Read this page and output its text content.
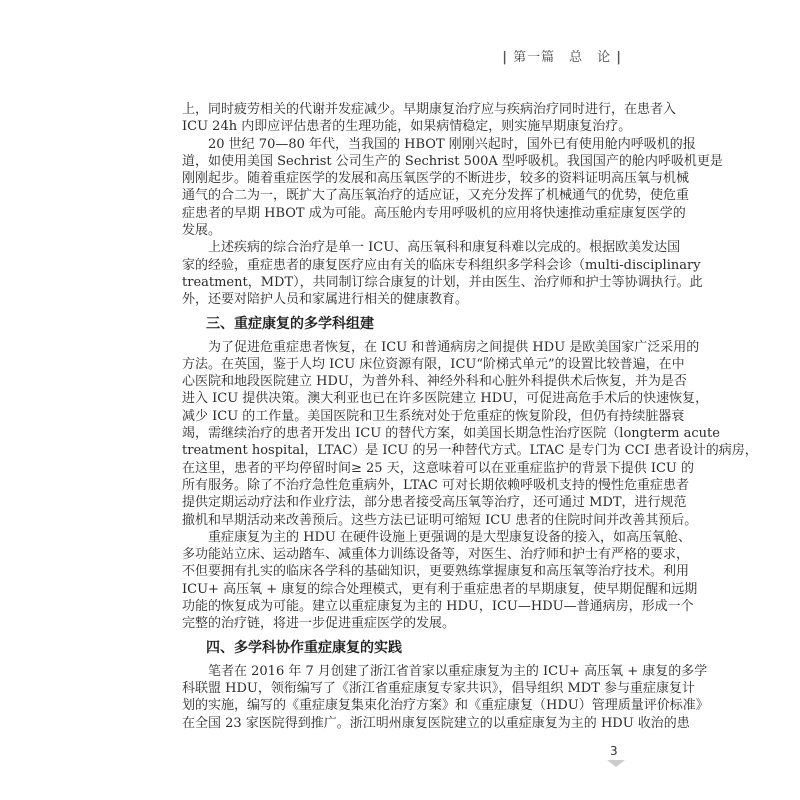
| 第一篇　总　论 |
上，同时疲劳相关的代谢并发症减少。早期康复治疗应与疾病治疗同时进行，在患者入
ICU 24h 内即应评估患者的生理功能，如果病情稳定，则实施早期康复治疗。
20 世纪 70—80 年代，当我国的 HBOT 刚刚兴起时，国外已有使用舱内呼吸机的报
道，如使用美国 Sechrist 公司生产的 Sechrist 500A 型呼吸机。我国国产的舱内呼吸机更是
刚刚起步。随着重症医学的发展和高压氧医学的不断进步，较多的资料证明高压氧与机械
通气的合二为一，既扩大了高压氧治疗的适应证，又充分发挥了机械通气的优势，使危重
症患者的早期 HBOT 成为可能。高压舱内专用呼吸机的应用将快速推动重症康复医学的
发展。
上述疾病的综合治疗是单一 ICU、高压氧科和康复科难以完成的。根据欧美发达国
家的经验，重症患者的康复医疗应由有关的临床专科组织多学科会诊（multi-disciplinary
treatment，MDT），共同制订综合康复的计划，并由医生、治疗师和护士等协调执行。此
外，还要对陪护人员和家属进行相关的健康教育。
三、重症康复的多学科组建
为了促进危重症患者恢复，在 ICU 和普通病房之间提供 HDU 是欧美国家广泛采用的
方法。在英国，鉴于人均 ICU 床位资源有限，ICU“阶梯式单元”的设置比较普遍，在中
心医院和地段医院建立 HDU，为普外科、神经外科和心脏外科提供术后恢复，并为是否
进入 ICU 提供决策。澳大利亚也已在许多医院建立 HDU，可促进高危手术后的快速恢复，
减少 ICU 的工作量。美国医院和卫生系统对处于危重症的恢复阶段，但仍有持续脏器衰
竭，需继续治疗的患者开发出 ICU 的替代方案，如美国长期急性治疗医院（longterm acute
treatment hospital，LTAC）是 ICU 的另一种替代方式。LTAC 是专门为 CCI 患者设计的病房，
在这里，患者的平均停留时间≥ 25 天，这意味着可以在亚重症监护的背景下提供 ICU 的
所有服务。除了不治疗急性危重病外，LTAC 可对长期依赖呼吸机支持的慢性危重症患者
提供定期运动疗法和作业疗法，部分患者接受高压氧等治疗，还可通过 MDT，进行规范
撤机和早期活动来改善预后。这些方法已证明可缩短 ICU 患者的住院时间并改善其预后。
重症康复为主的 HDU 在硬件设施上更强调的是大型康复设备的接入，如高压氧舱、
多功能站立床、运动踏车、减重体力训练设备等，对医生、治疗师和护士有严格的要求，
不但要拥有扎实的临床各学科的基础知识，更要熟练掌握康复和高压氧等治疗技术。利用
ICU+ 高压氧 + 康复的综合处理模式，更有利于重症患者的早期康复，使早期促醒和远期
功能的恢复成为可能。建立以重症康复为主的 HDU，ICU—HDU—普通病房，形成一个
完整的治疗链，将进一步促进重症医学的发展。
四、多学科协作重症康复的实践
笔者在 2016 年 7 月创建了浙江省首家以重症康复为主的 ICU+ 高压氧 + 康复的多学
科联盟 HDU，领衔编写了《浙江省重症康复专家共识》，倡导组织 MDT 参与重症康复计
划的实施，编写的《重症康复集束化治疗方案》和《重症康复（HDU）管理质量评价标准》
在全国 23 家医院得到推广。浙江明州康复医院建立的以重症康复为主的 HDU 收治的患
3
